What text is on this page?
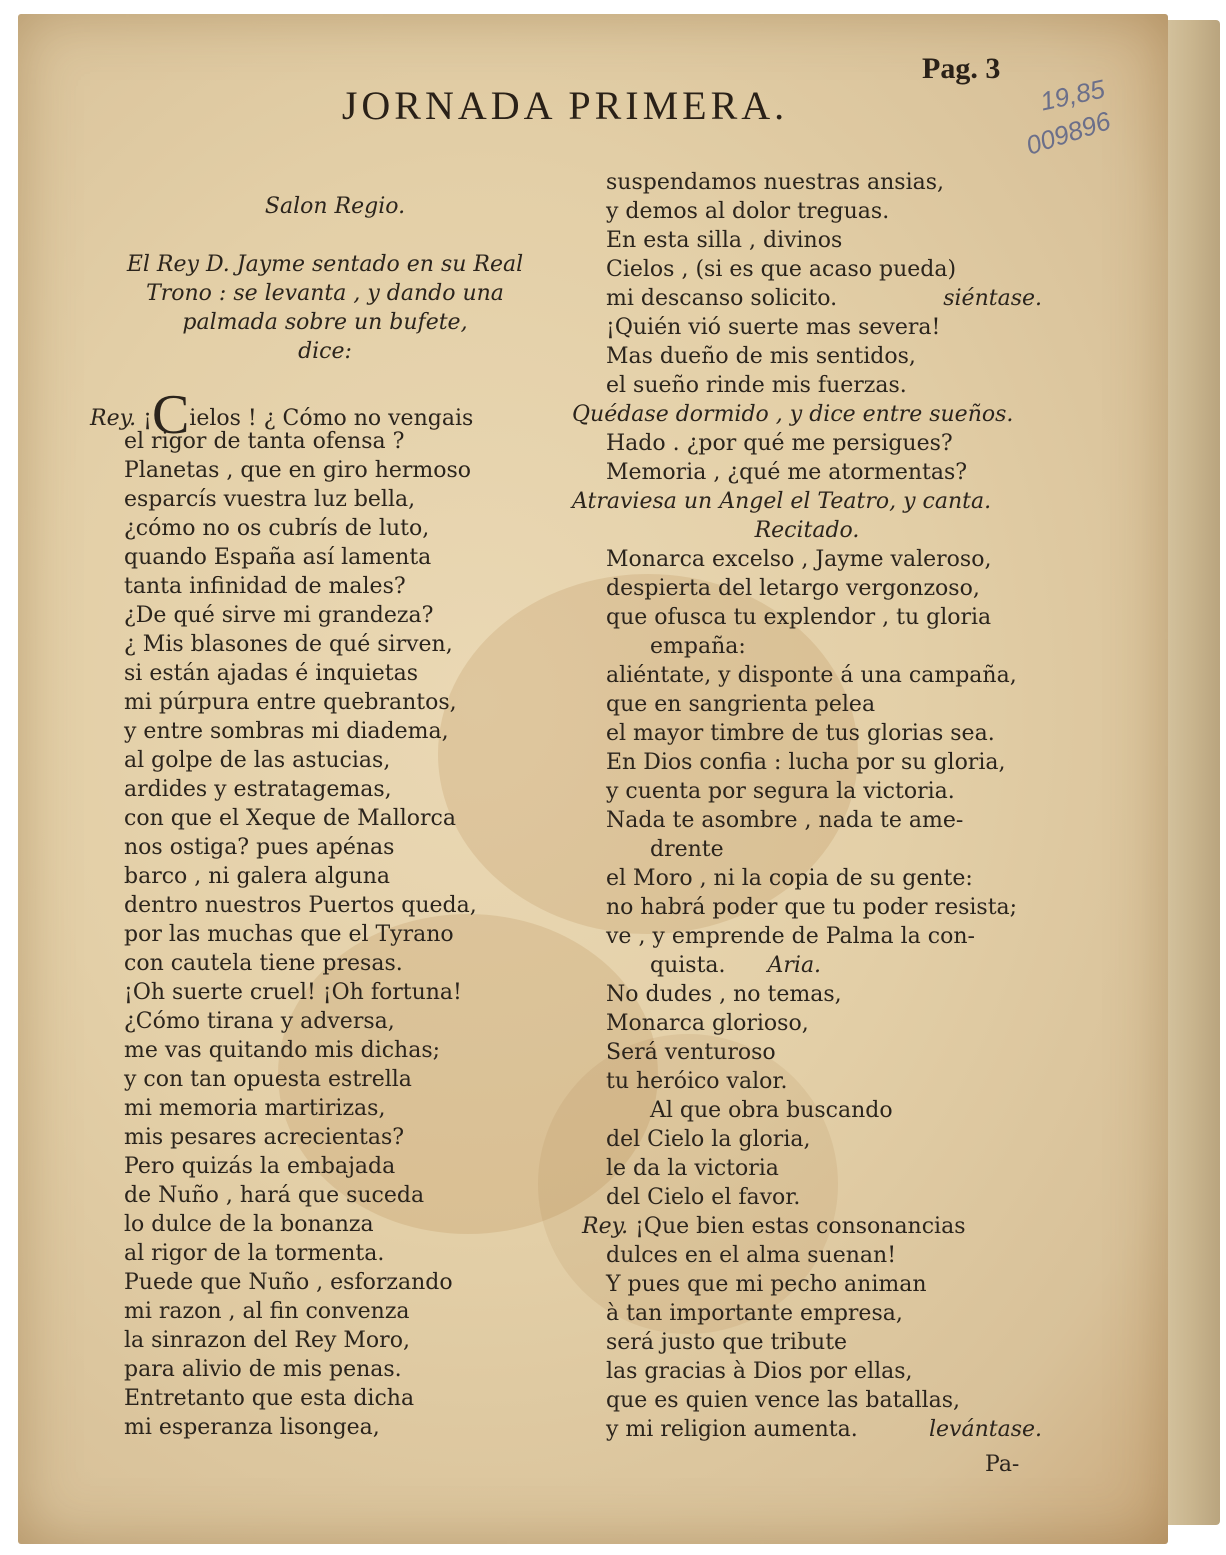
Pag. 3
19,85
009896
JORNADA PRIMERA.
Salon Regio.
El Rey D. Jayme sentado en su Real
Trono : se levanta , y dando una
palmada sobre un bufete,
dice:
Rey. ¡Cielos ! ¿ Cómo no vengais
el rigor de tanta ofensa ?
Planetas , que en giro hermoso
esparcís vuestra luz bella,
¿cómo no os cubrís de luto,
quando España así lamenta
tanta infinidad de males?
¿De qué sirve mi grandeza?
¿ Mis blasones de qué sirven,
si están ajadas é inquietas
mi púrpura entre quebrantos,
y entre sombras mi diadema,
al golpe de las astucias,
ardides y estratagemas,
con que el Xeque de Mallorca
nos ostiga? pues apénas
barco , ni galera alguna
dentro nuestros Puertos queda,
por las muchas que el Tyrano
con cautela tiene presas.
¡Oh suerte cruel! ¡Oh fortuna!
¿Cómo tirana y adversa,
me vas quitando mis dichas;
y con tan opuesta estrella
mi memoria martirizas,
mis pesares acrecientas?
Pero quizás la embajada
de Nuño , hará que suceda
lo dulce de la bonanza
al rigor de la tormenta.
Puede que Nuño , esforzando
mi razon , al fin convenza
la sinrazon del Rey Moro,
para alivio de mis penas.
Entretanto que esta dicha
mi esperanza lisongea,
suspendamos nuestras ansias,
y demos al dolor treguas.
En esta silla , divinos
Cielos , (si es que acaso pueda)
mi descanso solicito.	siéntase.
¡Quién vió suerte mas severa!
Mas dueño de mis sentidos,
el sueño rinde mis fuerzas.
Quédase dormido , y dice entre sueños.
Hado . ¿por qué me persigues?
Memoria , ¿qué me atormentas?
Atraviesa un Angel el Teatro, y canta.
Recitado.
Monarca excelso , Jayme valeroso,
despierta del letargo vergonzoso,
que ofusca tu explendor , tu gloria
empaña:
aliéntate, y disponte á una campaña,
que en sangrienta pelea
el mayor timbre de tus glorias sea.
En Dios confia : lucha por su gloria,
y cuenta por segura la victoria.
Nada te asombre , nada te ame-
drente
el Moro , ni la copia de su gente:
no habrá poder que tu poder resista;
ve , y emprende de Palma la con-
quista. Aria.
No dudes , no temas,
Monarca glorioso,
Será venturoso
tu heróico valor.
Al que obra buscando
del Cielo la gloria,
le da la victoria
del Cielo el favor.
Rey. ¡Que bien estas consonancias
dulces en el alma suenan!
Y pues que mi pecho animan
à tan importante empresa,
será justo que tribute
las gracias à Dios por ellas,
que es quien vence las batallas,
y mi religion aumenta.	levántase.
Pa-
